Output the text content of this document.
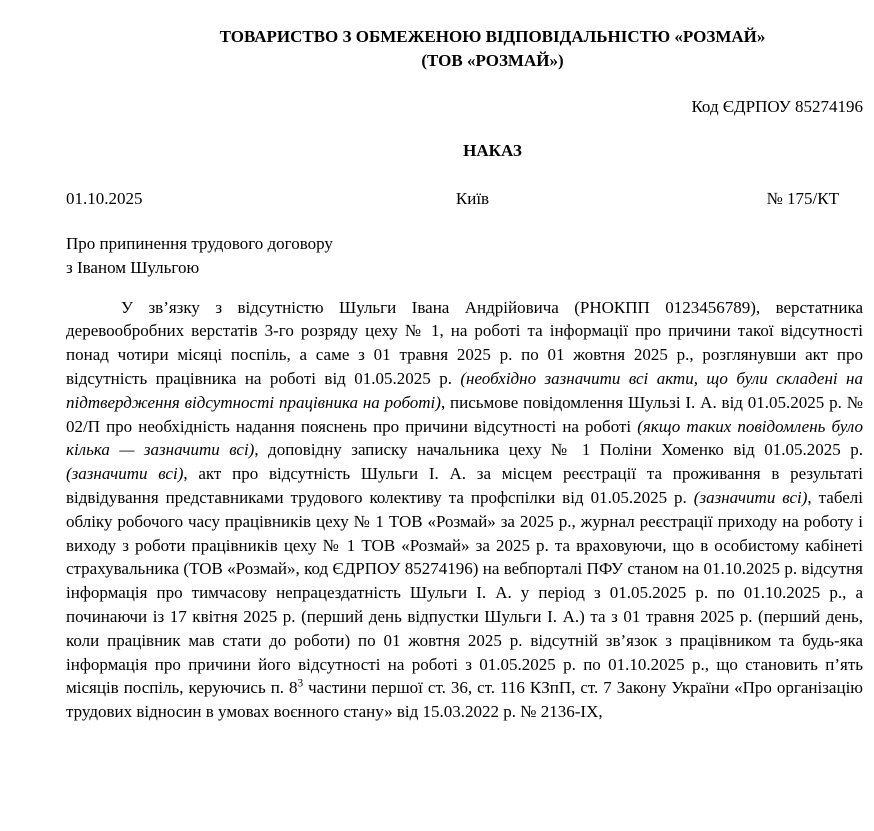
ТОВАРИСТВО З ОБМЕЖЕНОЮ ВІДПОВІДАЛЬНІСТЮ «РОЗМАЙ»
(ТОВ «РОЗМАЙ»)
Код ЄДРПОУ 85274196
НАКАЗ
01.10.2025	Київ	№ 175/КТ
Про припинення трудового договору
з Іваном Шульгою

У зв’язку з відсутністю Шульги Івана Андрійовича (РНОКПП 0123456789), верстатника деревообробних верстатів 3-го розряду цеху № 1, на роботі та інформації про причини такої відсутності понад чотири місяці поспіль, а саме з 01 травня 2025 р. по 01 жовтня 2025 р., розглянувши акт про відсутність працівника на роботі від 01.05.2025 р. (необхідно зазначити всі акти, що були складені на підтвердження відсутності працівника на роботі), письмове повідомлення Шульзі І. А. від 01.05.2025 р. № 02/П про необхідність надання пояснень про причини відсутності на роботі (якщо таких повідомлень було кілька — зазначити всі), доповідну записку начальника цеху № 1 Поліни Хоменко від 01.05.2025 р. (зазначити всі), акт про відсутність Шульги І. А. за місцем реєстрації та проживання в результаті відвідування представниками трудового колективу та профспілки від 01.05.2025 р. (зазначити всі), табелі обліку робочого часу працівників цеху № 1 ТОВ «Розмай» за 2025 р., журнал реєстрації приходу на роботу і виходу з роботи працівників цеху № 1 ТОВ «Розмай» за 2025 р. та враховуючи, що в особистому кабінеті страхувальника (ТОВ «Розмай», код ЄДРПОУ 85274196) на вебпорталі ПФУ станом на 01.10.2025 р. відсутня інформація про тимчасову непрацездатність Шульги І. А. у період з 01.05.2025 р. по 01.10.2025 р., а починаючи із 17 квітня 2025 р. (перший день відпустки Шульги І. А.) та з 01 травня 2025 р. (перший день, коли працівник мав стати до роботи) по 01 жовтня 2025 р. відсутній зв’язок з працівником та будь-яка інформація про причини його відсутності на роботі з 01.05.2025 р. по 01.10.2025 р., що становить п’ять місяців поспіль, керуючись п. $8^3$ частини першої ст. 36, ст. 116 КЗпП, ст. 7 Закону України «Про організацію трудових відносин в умовах воєнного стану» від 15.03.2022 р. № 2136-ІХ,
